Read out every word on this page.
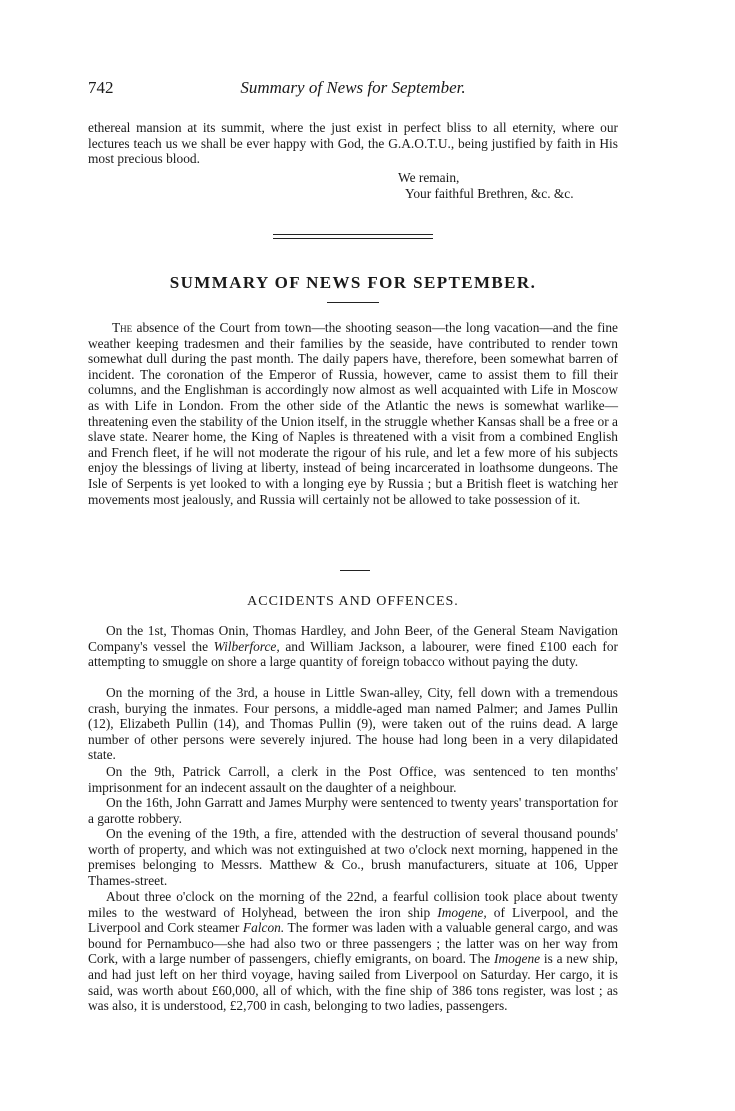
742	Summary of News for September.

ethereal mansion at its summit, where the just exist in perfect bliss to all eternity, where our lectures teach us we shall be ever happy with God, the G.A.O.T.U., being justified by faith in His most precious blood.

We remain,
Your faithful Brethren, &c. &c.
SUMMARY OF NEWS FOR SEPTEMBER.

The absence of the Court from town—the shooting season—the long vacation—and the fine weather keeping tradesmen and their families by the seaside, have contributed to render town somewhat dull during the past month. The daily papers have, therefore, been somewhat barren of incident. The coronation of the Emperor of Russia, however, came to assist them to fill their columns, and the Englishman is accordingly now almost as well acquainted with Life in Moscow as with Life in London. From the other side of the Atlantic the news is somewhat warlike—threatening even the stability of the Union itself, in the struggle whether Kansas shall be a free or a slave state. Nearer home, the King of Naples is threatened with a visit from a combined English and French fleet, if he will not moderate the rigour of his rule, and let a few more of his subjects enjoy the blessings of living at liberty, instead of being incarcerated in loathsome dungeons. The Isle of Serpents is yet looked to with a longing eye by Russia ; but a British fleet is watching her movements most jealously, and Russia will certainly not be allowed to take possession of it.

ACCIDENTS AND OFFENCES.

On the 1st, Thomas Onin, Thomas Hardley, and John Beer, of the General Steam Navigation Company's vessel the Wilberforce, and William Jackson, a labourer, were fined £100 each for attempting to smuggle on shore a large quantity of foreign tobacco without paying the duty.

On the morning of the 3rd, a house in Little Swan-alley, City, fell down with a tremendous crash, burying the inmates. Four persons, a middle-aged man named Palmer; and James Pullin (12), Elizabeth Pullin (14), and Thomas Pullin (9), were taken out of the ruins dead. A large number of other persons were severely injured. The house had long been in a very dilapidated state.

On the 9th, Patrick Carroll, a clerk in the Post Office, was sentenced to ten months' imprisonment for an indecent assault on the daughter of a neighbour.

On the 16th, John Garratt and James Murphy were sentenced to twenty years' transportation for a garotte robbery.

On the evening of the 19th, a fire, attended with the destruction of several thousand pounds' worth of property, and which was not extinguished at two o'clock next morning, happened in the premises belonging to Messrs. Matthew & Co., brush manufacturers, situate at 106, Upper Thames-street.

About three o'clock on the morning of the 22nd, a fearful collision took place about twenty miles to the westward of Holyhead, between the iron ship Imogene, of Liverpool, and the Liverpool and Cork steamer Falcon. The former was laden with a valuable general cargo, and was bound for Pernambuco—she had also two or three passengers ; the latter was on her way from Cork, with a large number of passengers, chiefly emigrants, on board. The Imogene is a new ship, and had just left on her third voyage, having sailed from Liverpool on Saturday. Her cargo, it is said, was worth about £60,000, all of which, with the fine ship of 386 tons register, was lost ; as was also, it is understood, £2,700 in cash, belonging to two ladies, passengers.
